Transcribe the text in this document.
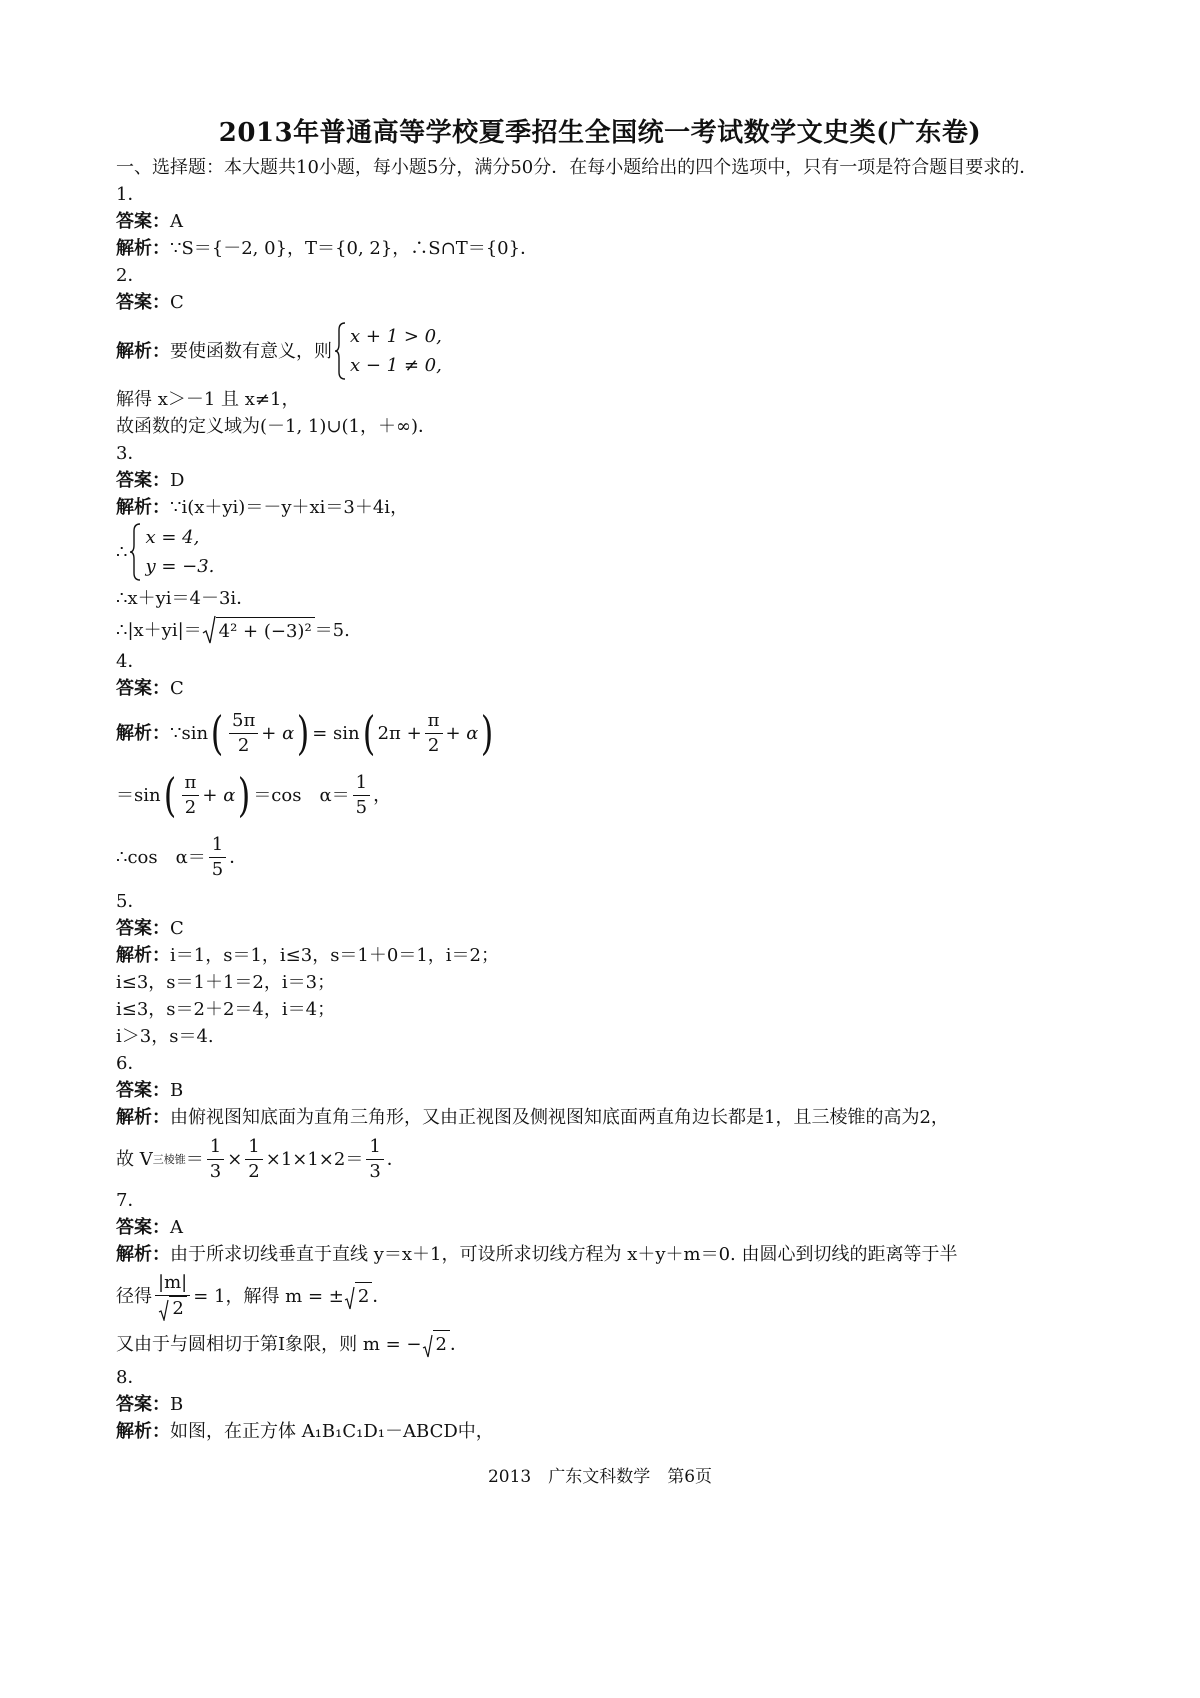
2013年普通高等学校夏季招生全国统一考试数学文史类(广东卷)
一、选择题：本大题共10小题，每小题5分，满分50分．在每小题给出的四个选项中，只有一项是符合题目要求的．
1．
答案：A
解析：∵S＝{－2, 0}，T＝{0, 2}，∴S∩T＝{0}．
2．
答案：C
解析： 要使函数有意义，则
x + 1 > 0,
x − 1 ≠ 0,
解得 x＞－1 且 x≠1，
故函数的定义域为(－1, 1)∪(1，＋∞)．
3．
答案：D
解析：∵i(x＋yi)＝－y＋xi＝3＋4i，
∴
x = 4,
y = −3.
∴x＋yi＝4－3i．
∴|x＋yi|＝ 4² + (−3)² ＝5.
4．
答案：C
解析： ∵sin ( $\frac{5\pi}{2} + \alpha$ ) = sin ( $2\pi + \frac{\pi}{2} + \alpha$ )
＝sin ( $\frac{\pi}{2} + \alpha$ ) ＝cos　$\alpha= \frac{1}{5}$ ，
∴cos　$\alpha= \frac{1}{5}$ ．
5．
答案：C
解析：i＝1，s＝1，i≤3，s＝1＋0＝1，i＝2；
i≤3，s＝1＋1＝2，i＝3；
i≤3，s＝2＋2＝4，i＝4；
i＞3，s＝4.
6．
答案：B
解析：由俯视图知底面为直角三角形，又由正视图及侧视图知底面两直角边长都是1，且三棱锥的高为2，
故 V 三棱锥 ＝ $\frac{1}{3} \times \frac{1}{2} \times 1\times 1\times 2= \frac{1}{3}$ ．
7．
答案：A
解析：由于所求切线垂直于直线 y＝x＋1，可设所求切线方程为 x＋y＋m＝0. 由圆心到切线的距离等于半
径得 $\frac{|m|}{2} = 1$，解得 m = ± 2 ．
又由于与圆相切于第Ⅰ象限，则 m = − 2 ．
8．
答案：B
解析：如图，在正方体 A₁B₁C₁D₁－ABCD中，
2013　广东文科数学　第6页
